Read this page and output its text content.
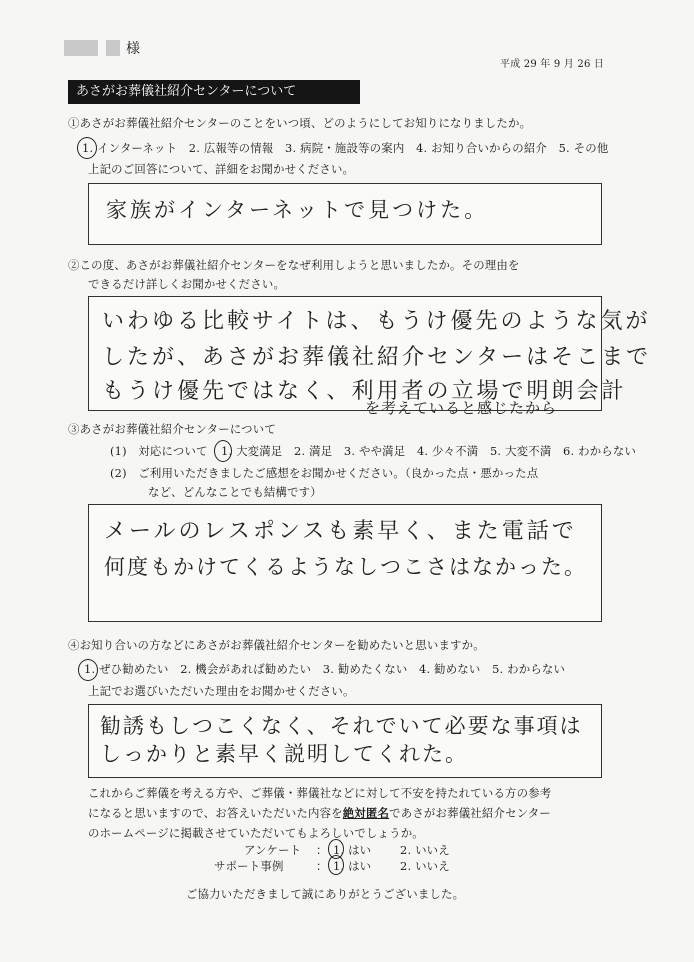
様
平成 29 年 9 月 26 日
あさがお葬儀社紹介センターについて
①あさがお葬儀社紹介センターのことをいつ頃、どのようにしてお知りになりましたか。
1. インターネット　2. 広報等の情報　3. 病院・施設等の案内　4. お知り合いからの紹介　5. その他
上記のご回答について、詳細をお聞かせください。
家族がインターネットで見つけた。
②この度、あさがお葬儀社紹介センターをなぜ利用しようと思いましたか。その理由を
できるだけ詳しくお聞かせください。
いわゆる比較サイトは、もうけ優先のような気が
したが、あさがお葬儀社紹介センターはそこまで
もうけ優先ではなく、利用者の立場で明朗会計
を考えていると感じたから
③あさがお葬儀社紹介センターについて
(1)　対応について 1. 大変満足　2. 満足　3. やや満足　4. 少々不満　5. 大変不満　6. わからない
(2)　ご利用いただきましたご感想をお聞かせください。（良かった点・悪かった点
など、どんなことでも結構です）
メールのレスポンスも素早く、また電話で
何度もかけてくるようなしつこさはなかった。
④お知り合いの方などにあさがお葬儀社紹介センターを勧めたいと思いますか。
1. ぜひ勧めたい　2. 機会があれば勧めたい　3. 勧めたくない　4. 勧めない　5. わからない
上記でお選びいただいた理由をお聞かせください。
勧誘もしつこくなく、それでいて必要な事項は
しっかりと素早く説明してくれた。
これからご葬儀を考える方や、ご葬儀・葬儀社などに対して不安を持たれている方の参考
になると思いますので、お答えいただいた内容を絶対匿名であさがお葬儀社紹介センター
のホームページに掲載させていただいてもよろしいでしょうか。
アンケート ： 1. はい	2. いいえ
サポート事例	： 1. はい	2. いいえ
ご協力いただきまして誠にありがとうございました。
